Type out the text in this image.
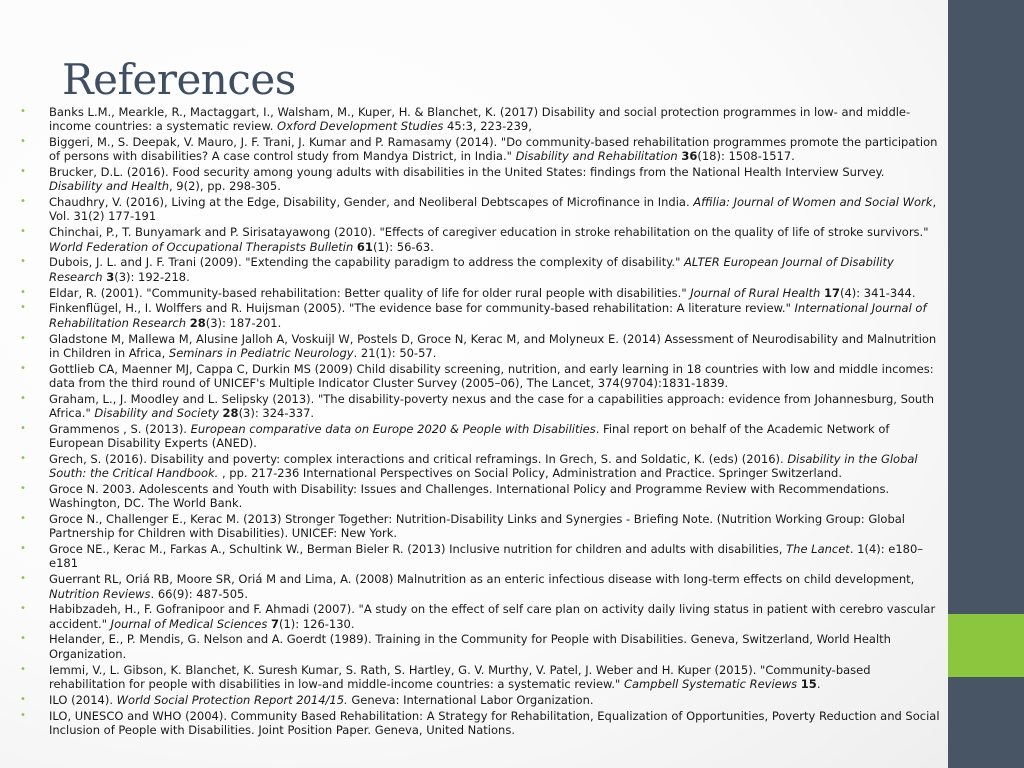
References
•	Banks L.M., Mearkle, R., Mactaggart, I., Walsham, M., Kuper, H. & Blanchet, K. (2017) Disability and social protection programmes in low- and middle-income countries: a systematic review. Oxford Development Studies 45:3, 223-239,
•	Biggeri, M., S. Deepak, V. Mauro, J. F. Trani, J. Kumar and P. Ramasamy (2014). "Do community-based rehabilitation programmes promote the participation of persons with disabilities? A case control study from Mandya District, in India." Disability and Rehabilitation 36(18): 1508-1517.
•	Brucker, D.L. (2016). Food security among young adults with disabilities in the United States: findings from the National Health Interview Survey. Disability and Health, 9(2), pp. 298-305.
•	Chaudhry, V. (2016), Living at the Edge, Disability, Gender, and Neoliberal Debtscapes of Microfinance in India. Affilia: Journal of Women and Social Work, Vol. 31(2) 177-191
•	Chinchai, P., T. Bunyamark and P. Sirisatayawong (2010). "Effects of caregiver education in stroke rehabilitation on the quality of life of stroke survivors." World Federation of Occupational Therapists Bulletin 61(1): 56-63.
•	Dubois, J. L. and J. F. Trani (2009). "Extending the capability paradigm to address the complexity of disability." ALTER European Journal of Disability Research 3(3): 192-218.
•	Eldar, R. (2001). "Community-based rehabilitation: Better quality of life for older rural people with disabilities." Journal of Rural Health 17(4): 341-344.
•	Finkenflügel, H., I. Wolffers and R. Huijsman (2005). "The evidence base for community-based rehabilitation: A literature review." International Journal of Rehabilitation Research 28(3): 187-201.
•	Gladstone M, Mallewa M, Alusine Jalloh A, Voskuijl W, Postels D, Groce N, Kerac M, and Molyneux E. (2014) Assessment of Neurodisability and Malnutrition in Children in Africa, Seminars in Pediatric Neurology. 21(1): 50-57.
•	Gottlieb CA, Maenner MJ, Cappa C, Durkin MS (2009) Child disability screening, nutrition, and early learning in 18 countries with low and middle incomes: data from the third round of UNICEF's Multiple Indicator Cluster Survey (2005–06), The Lancet, 374(9704):1831-1839.
•	Graham, L., J. Moodley and L. Selipsky (2013). "The disability-poverty nexus and the case for a capabilities approach: evidence from Johannesburg, South Africa." Disability and Society 28(3): 324-337.
•	Grammenos , S. (2013). European comparative data on Europe 2020 & People with Disabilities. Final report on behalf of the Academic Network of European Disability Experts (ANED).
•	Grech, S. (2016). Disability and poverty: complex interactions and critical reframings. In Grech, S. and Soldatic, K. (eds) (2016). Disability in the Global South: the Critical Handbook. , pp. 217-236 International Perspectives on Social Policy, Administration and Practice. Springer Switzerland.
•	Groce N. 2003. Adolescents and Youth with Disability: Issues and Challenges. International Policy and Programme Review with Recommendations. Washington, DC. The World Bank.
•	Groce N., Challenger E., Kerac M. (2013) Stronger Together: Nutrition-Disability Links and Synergies - Briefing Note. (Nutrition Working Group: Global Partnership for Children with Disabilities). UNICEF: New York.
•	Groce NE., Kerac M., Farkas A., Schultink W., Berman Bieler R. (2013) Inclusive nutrition for children and adults with disabilities, The Lancet. 1(4): e180–e181
•	Guerrant RL, Oriá RB, Moore SR, Oriá M and Lima, A. (2008) Malnutrition as an enteric infectious disease with long-term effects on child development, Nutrition Reviews. 66(9): 487-505.
•	Habibzadeh, H., F. Gofranipoor and F. Ahmadi (2007). "A study on the effect of self care plan on activity daily living status in patient with cerebro vascular accident." Journal of Medical Sciences 7(1): 126-130.
•	Helander, E., P. Mendis, G. Nelson and A. Goerdt (1989). Training in the Community for People with Disabilities. Geneva, Switzerland, World Health Organization.
•	Iemmi, V., L. Gibson, K. Blanchet, K. Suresh Kumar, S. Rath, S. Hartley, G. V. Murthy, V. Patel, J. Weber and H. Kuper (2015). "Community-based rehabilitation for people with disabilities in low-and middle-income countries: a systematic review." Campbell Systematic Reviews 15.
•	ILO (2014). World Social Protection Report 2014/15. Geneva: International Labor Organization.
•	ILO, UNESCO and WHO (2004). Community Based Rehabilitation: A Strategy for Rehabilitation, Equalization of Opportunities, Poverty Reduction and Social Inclusion of People with Disabilities. Joint Position Paper. Geneva, United Nations.
